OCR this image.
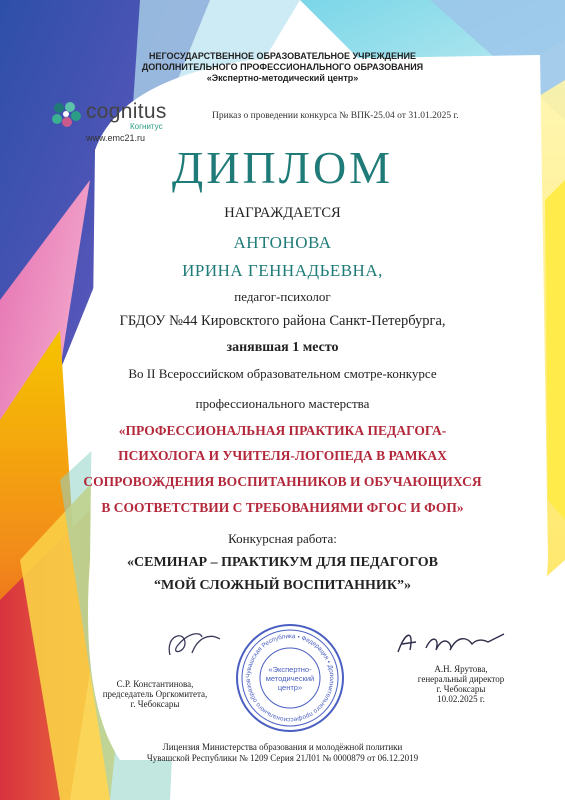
НЕГОСУДАРСТВЕННОЕ ОБРАЗОВАТЕЛЬНОЕ УЧРЕЖДЕНИЕ
ДОПОЛНИТЕЛЬНОГО ПРОФЕССИОНАЛЬНОГО ОБРАЗОВАНИЯ
«Экспертно-методический центр»
cognitus
Когнитус
www.emc21.ru
Приказ о проведении конкурса № ВПК-25.04 от 31.01.2025 г.
ДИПЛОМ
НАГРАЖДАЕТСЯ
АНТОНОВА
ИРИНА ГЕННАДЬЕВНА,
педагог-психолог
ГБДОУ №44 Кировсктого района Санкт-Петербурга,
занявшая 1 место
Во II Всероссийском образовательном смотре-конкурсе
профессионального мастерства
«ПРОФЕССИОНАЛЬНАЯ ПРАКТИКА ПЕДАГОГА-
ПСИХОЛОГА И УЧИТЕЛЯ-ЛОГОПЕДА В РАМКАХ
СОПРОВОЖДЕНИЯ ВОСПИТАННИКОВ И ОБУЧАЮЩИХСЯ
В СООТВЕТСТВИИ С ТРЕБОВАНИЯМИ ФГОС И ФОП»
Конкурсная работа:
«СЕМИНАР – ПРАКТИКУМ ДЛЯ ПЕДАГОГОВ
“МОЙ СЛОЖНЫЙ ВОСПИТАННИК”»
С.Р. Константинова,
председатель Оргкомитета,
г. Чебоксары
Чувашская Республика • Федерация • Дополнительного профессионального образов
«Экспертно-
методический
центр»
А.Н. Ярутова,
генеральный директор
г. Чебоксары
10.02.2025 г.
Лицензия Министерства образования и молодёжной политики
Чувашской Республики № 1209 Серия 21Л01 № 0000879 от 06.12.2019
